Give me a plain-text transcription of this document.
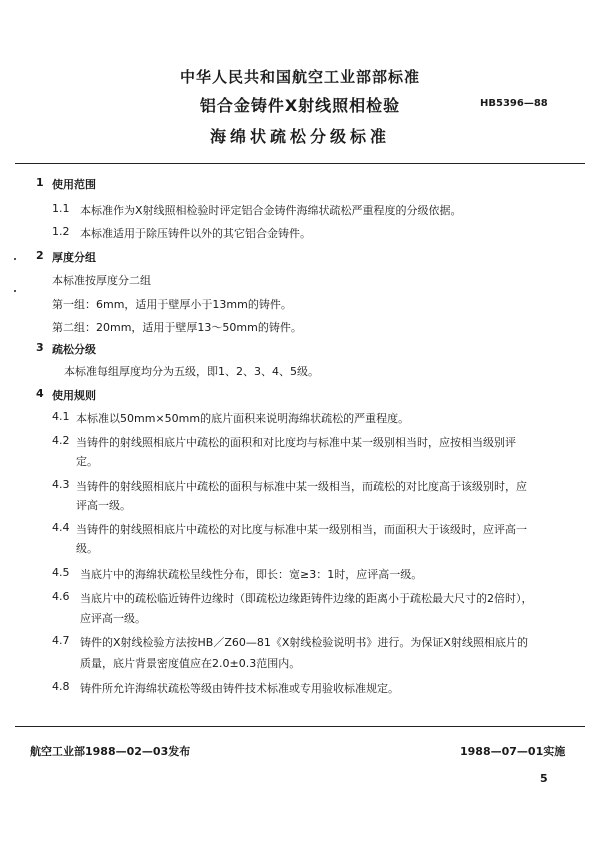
中华人民共和国航空工业部部标准
铝合金铸件X射线照相检验	HB5396—88
海绵状疏松分级标准
1 使用范围
1.1 本标准作为X射线照相检验时评定铝合金铸件海绵状疏松严重程度的分级依据。
1.2 本标准适用于除压铸件以外的其它铝合金铸件。
2 厚度分组
本标准按厚度分二组
第一组：6mm，适用于壁厚小于13mm的铸件。
第二组：20mm，适用于壁厚13～50mm的铸件。
3 疏松分级
本标准每组厚度均分为五级，即1、2、3、4、5级。
4 使用规则
4.1 本标准以50mm×50mm的底片面积来说明海绵状疏松的严重程度。
4.2 当铸件的射线照相底片中疏松的面积和对比度均与标准中某一级别相当时，应按相当级别评
定。
4.3 当铸件的射线照相底片中疏松的面积与标准中某一级相当，而疏松的对比度高于该级别时，应
评高一级。
4.4 当铸件的射线照相底片中疏松的对比度与标准中某一级别相当，而面积大于该级时，应评高一
级。
4.5 当底片中的海绵状疏松呈线性分布，即长：宽≥3：1时，应评高一级。
4.6 当底片中的疏松临近铸件边缘时（即疏松边缘距铸件边缘的距离小于疏松最大尺寸的2倍时），
应评高一级。
4.7 铸件的X射线检验方法按HB／Z60—81《X射线检验说明书》进行。为保证X射线照相底片的
质量，底片背景密度值应在2.0±0.3范围内。
4.8 铸件所允许海绵状疏松等级由铸件技术标准或专用验收标准规定。
航空工业部1988—02—03发布	1988—07—01实施
5
